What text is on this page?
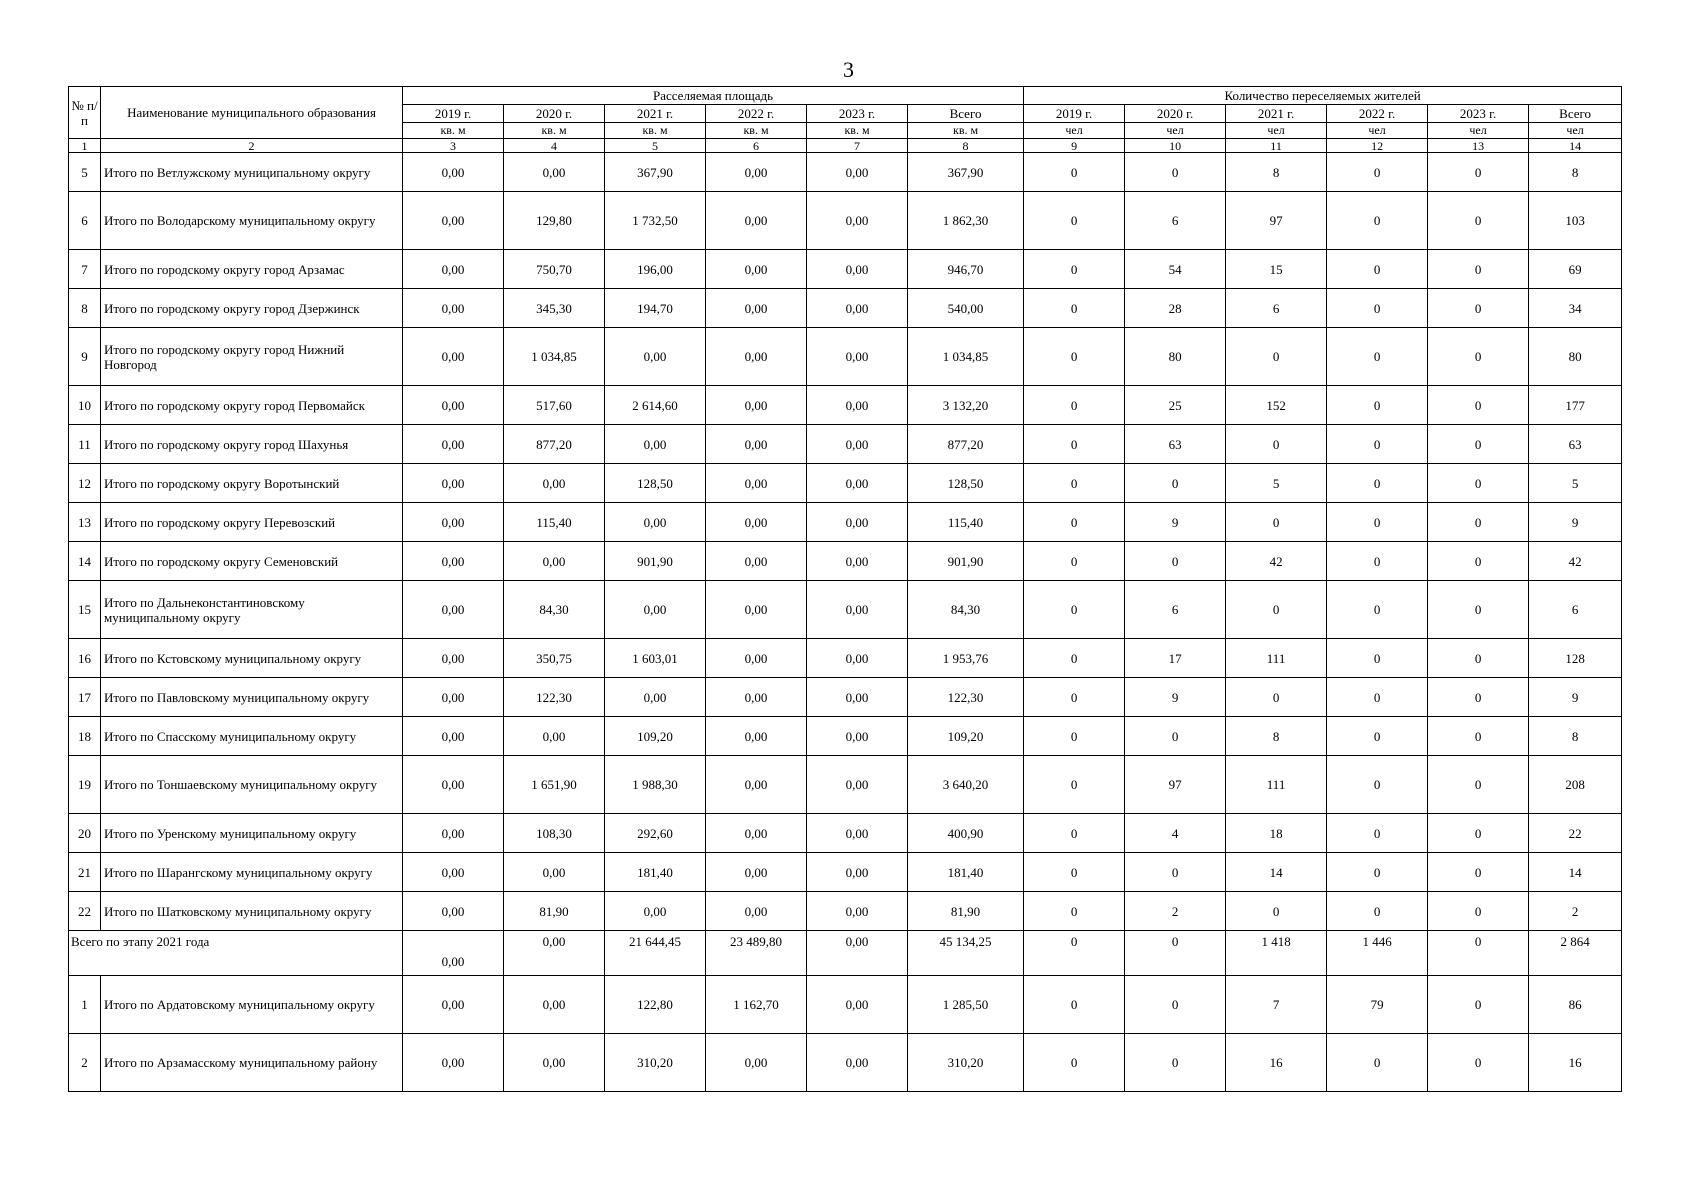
3
№ п/п	Наименование муниципального образования	Расселяемая площадь						Количество переселяемых жителей					
		2019 г.	2020 г.	2021 г.	2022 г.	2023 г.	Всего	2019 г.	2020 г.	2021 г.	2022 г.	2023 г.	Всего
		кв. м	кв. м	кв. м	кв. м	кв. м	кв. м	чел	чел	чел	чел	чел	чел
1	2	3	4	5	6	7	8	9	10	11	12	13	14
5	Итого по Ветлужскому муниципальному округу	0,00	0,00	367,90	0,00	0,00	367,90	0	0	8	0	0	8
6	Итого по Володарскому муниципальному округу	0,00	129,80	1 732,50	0,00	0,00	1 862,30	0	6	97	0	0	103
7	Итого по городскому округу город Арзамас	0,00	750,70	196,00	0,00	0,00	946,70	0	54	15	0	0	69
8	Итого по городскому округу город Дзержинск	0,00	345,30	194,70	0,00	0,00	540,00	0	28	6	0	0	34
9	Итого по городскому округу город Нижний Новгород	0,00	1 034,85	0,00	0,00	0,00	1 034,85	0	80	0	0	0	80
10	Итого по городскому округу город Первомайск	0,00	517,60	2 614,60	0,00	0,00	3 132,20	0	25	152	0	0	177
11	Итого по городскому округу город Шахунья	0,00	877,20	0,00	0,00	0,00	877,20	0	63	0	0	0	63
12	Итого по городскому округу Воротынский	0,00	0,00	128,50	0,00	0,00	128,50	0	0	5	0	0	5
13	Итого по городскому округу Перевозский	0,00	115,40	0,00	0,00	0,00	115,40	0	9	0	0	0	9
14	Итого по городскому округу Семеновский	0,00	0,00	901,90	0,00	0,00	901,90	0	0	42	0	0	42
15	Итого по Дальнеконстантиновскому муниципальному округу	0,00	84,30	0,00	0,00	0,00	84,30	0	6	0	0	0	6
16	Итого по Кстовскому муниципальному округу	0,00	350,75	1 603,01	0,00	0,00	1 953,76	0	17	111	0	0	128
17	Итого по Павловскому муниципальному округу	0,00	122,30	0,00	0,00	0,00	122,30	0	9	0	0	0	9
18	Итого по Спасскому муниципальному округу	0,00	0,00	109,20	0,00	0,00	109,20	0	0	8	0	0	8
19	Итого по Тоншаевскому муниципальному округу	0,00	1 651,90	1 988,30	0,00	0,00	3 640,20	0	97	111	0	0	208
20	Итого по Уренскому муниципальному округу	0,00	108,30	292,60	0,00	0,00	400,90	0	4	18	0	0	22
21	Итого по Шарангскому муниципальному округу	0,00	0,00	181,40	0,00	0,00	181,40	0	0	14	0	0	14
22	Итого по Шатковскому муниципальному округу	0,00	81,90	0,00	0,00	0,00	81,90	0	2	0	0	0	2
Всего по этапу 2021 года		0,00	0,00	21 644,45	23 489,80	0,00	45 134,25	0	0	1 418	1 446	0	2 864
1	Итого по Ардатовскому муниципальному округу	0,00	0,00	122,80	1 162,70	0,00	1 285,50	0	0	7	79	0	86
2	Итого по Арзамасскому муниципальному району	0,00	0,00	310,20	0,00	0,00	310,20	0	0	16	0	0	16
